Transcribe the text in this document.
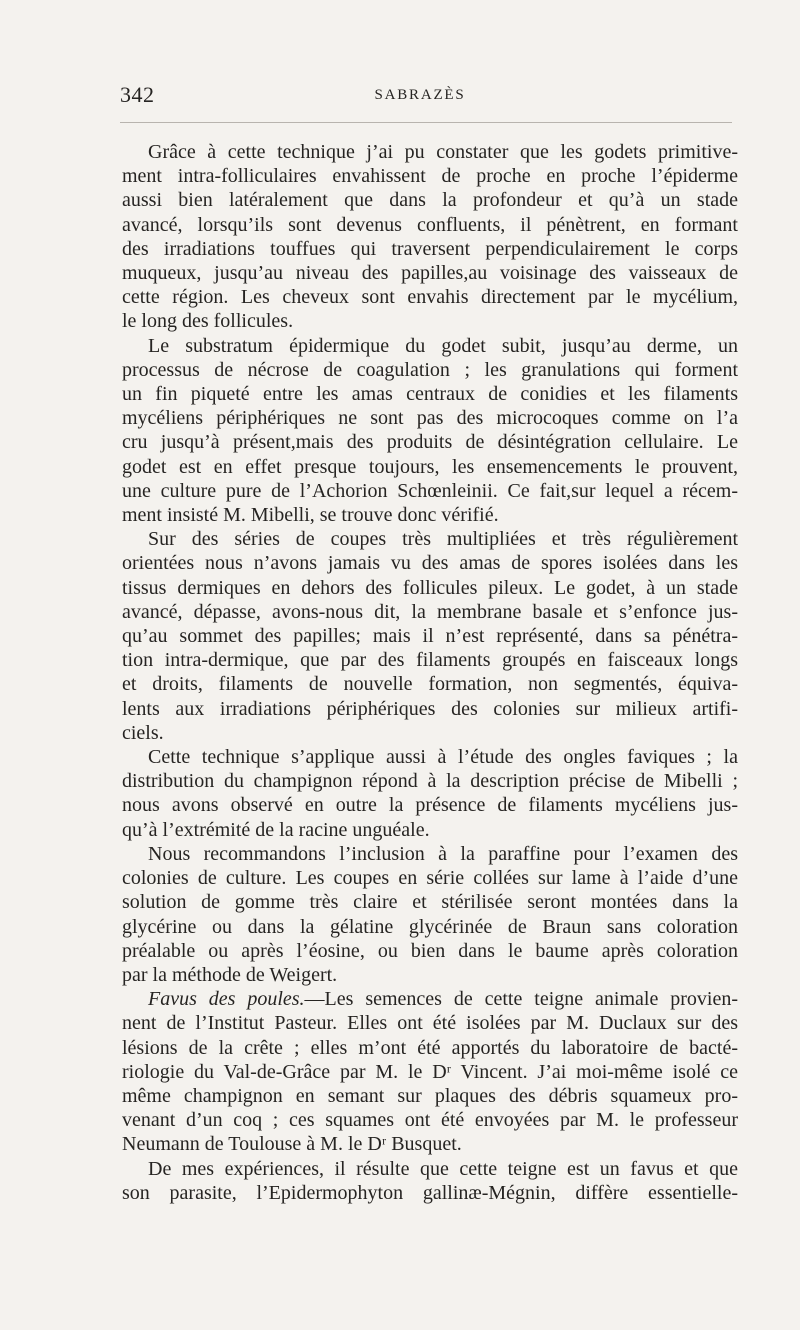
342	SABRAZÈS
Grâce à cette technique j’ai pu constater que les godets primitive-
ment intra-folliculaires envahissent de proche en proche l’épiderme
aussi bien latéralement que dans la profondeur et qu’à un stade
avancé, lorsqu’ils sont devenus confluents, il pénètrent, en formant
des irradiations touffues qui traversent perpendiculairement le corps
muqueux, jusqu’au niveau des papilles,au voisinage des vaisseaux de
cette région. Les cheveux sont envahis directement par le mycélium,
le long des follicules.
Le substratum épidermique du godet subit, jusqu’au derme, un
processus de nécrose de coagulation ; les granulations qui forment
un fin piqueté entre les amas centraux de conidies et les filaments
mycéliens périphériques ne sont pas des microcoques comme on l’a
cru jusqu’à présent,mais des produits de désintégration cellulaire. Le
godet est en effet presque toujours, les ensemencements le prouvent,
une culture pure de l’Achorion Schœnleinii. Ce fait,sur lequel a récem-
ment insisté M. Mibelli, se trouve donc vérifié.
Sur des séries de coupes très multipliées et très régulièrement
orientées nous n’avons jamais vu des amas de spores isolées dans les
tissus dermiques en dehors des follicules pileux. Le godet, à un stade
avancé, dépasse, avons-nous dit, la membrane basale et s’enfonce jus-
qu’au sommet des papilles; mais il n’est représenté, dans sa pénétra-
tion intra-dermique, que par des filaments groupés en faisceaux longs
et droits, filaments de nouvelle formation, non segmentés, équiva-
lents aux irradiations périphériques des colonies sur milieux artifi-
ciels.
Cette technique s’applique aussi à l’étude des ongles faviques ; la
distribution du champignon répond à la description précise de Mibelli ;
nous avons observé en outre la présence de filaments mycéliens jus-
qu’à l’extrémité de la racine unguéale.
Nous recommandons l’inclusion à la paraffine pour l’examen des
colonies de culture. Les coupes en série collées sur lame à l’aide d’une
solution de gomme très claire et stérilisée seront montées dans la
glycérine ou dans la gélatine glycérinée de Braun sans coloration
préalable ou après l’éosine, ou bien dans le baume après coloration
par la méthode de Weigert.
Favus des poules.—Les semences de cette teigne animale provien-
nent de l’Institut Pasteur. Elles ont été isolées par M. Duclaux sur des
lésions de la crête ; elles m’ont été apportés du laboratoire de bacté-
riologie du Val-de-Grâce par M. le Dʳ Vincent. J’ai moi-même isolé ce
même champignon en semant sur plaques des débris squameux pro-
venant d’un coq ; ces squames ont été envoyées par M. le professeur
Neumann de Toulouse à M. le Dʳ Busquet.
De mes expériences, il résulte que cette teigne est un favus et que
son parasite, l’Epidermophyton gallinæ-Mégnin, diffère essentielle-
